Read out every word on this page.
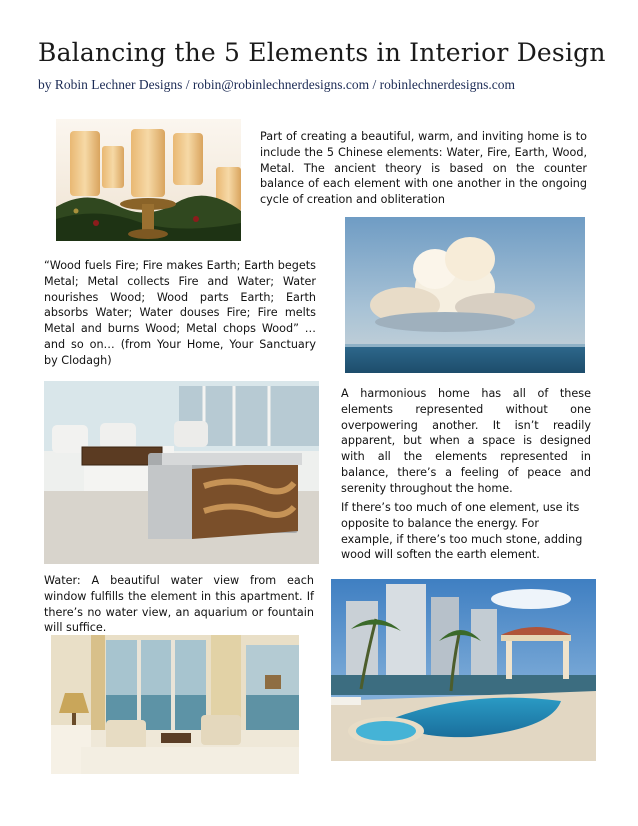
Balancing the 5 Elements in Interior Design
by Robin Lechner Designs / robin@robinlechnerdesigns.com / robinlechnerdesigns.com
Part of creating a beautiful, warm, and inviting home is to include the 5 Chinese elements: Water, Fire, Earth, Wood, Metal. The ancient theory is based on the counter balance of each element with one another in the ongoing cycle of creation and obliteration
“Wood fuels Fire; Fire makes Earth; Earth begets Metal; Metal collects Fire and Water; Water nourishes Wood; Wood parts Earth; Earth absorbs Water; Water douses Fire; Fire melts Metal and burns Wood; Metal chops Wood” …and so on… (from Your Home, Your Sanctuary by Clodagh)
A harmonious home has all of these elements represented without one overpowering another. It isn’t readily apparent, but when a space is designed with all the elements represented in balance, there’s a feeling of peace and serenity throughout the home.
If there’s too much of one element, use its opposite to balance the energy. For example, if there’s too much stone, adding wood will soften the earth element.
Water: A beautiful water view from each window fulfills the element in this apartment. If there’s no water view, an aquarium or fountain will suffice.
